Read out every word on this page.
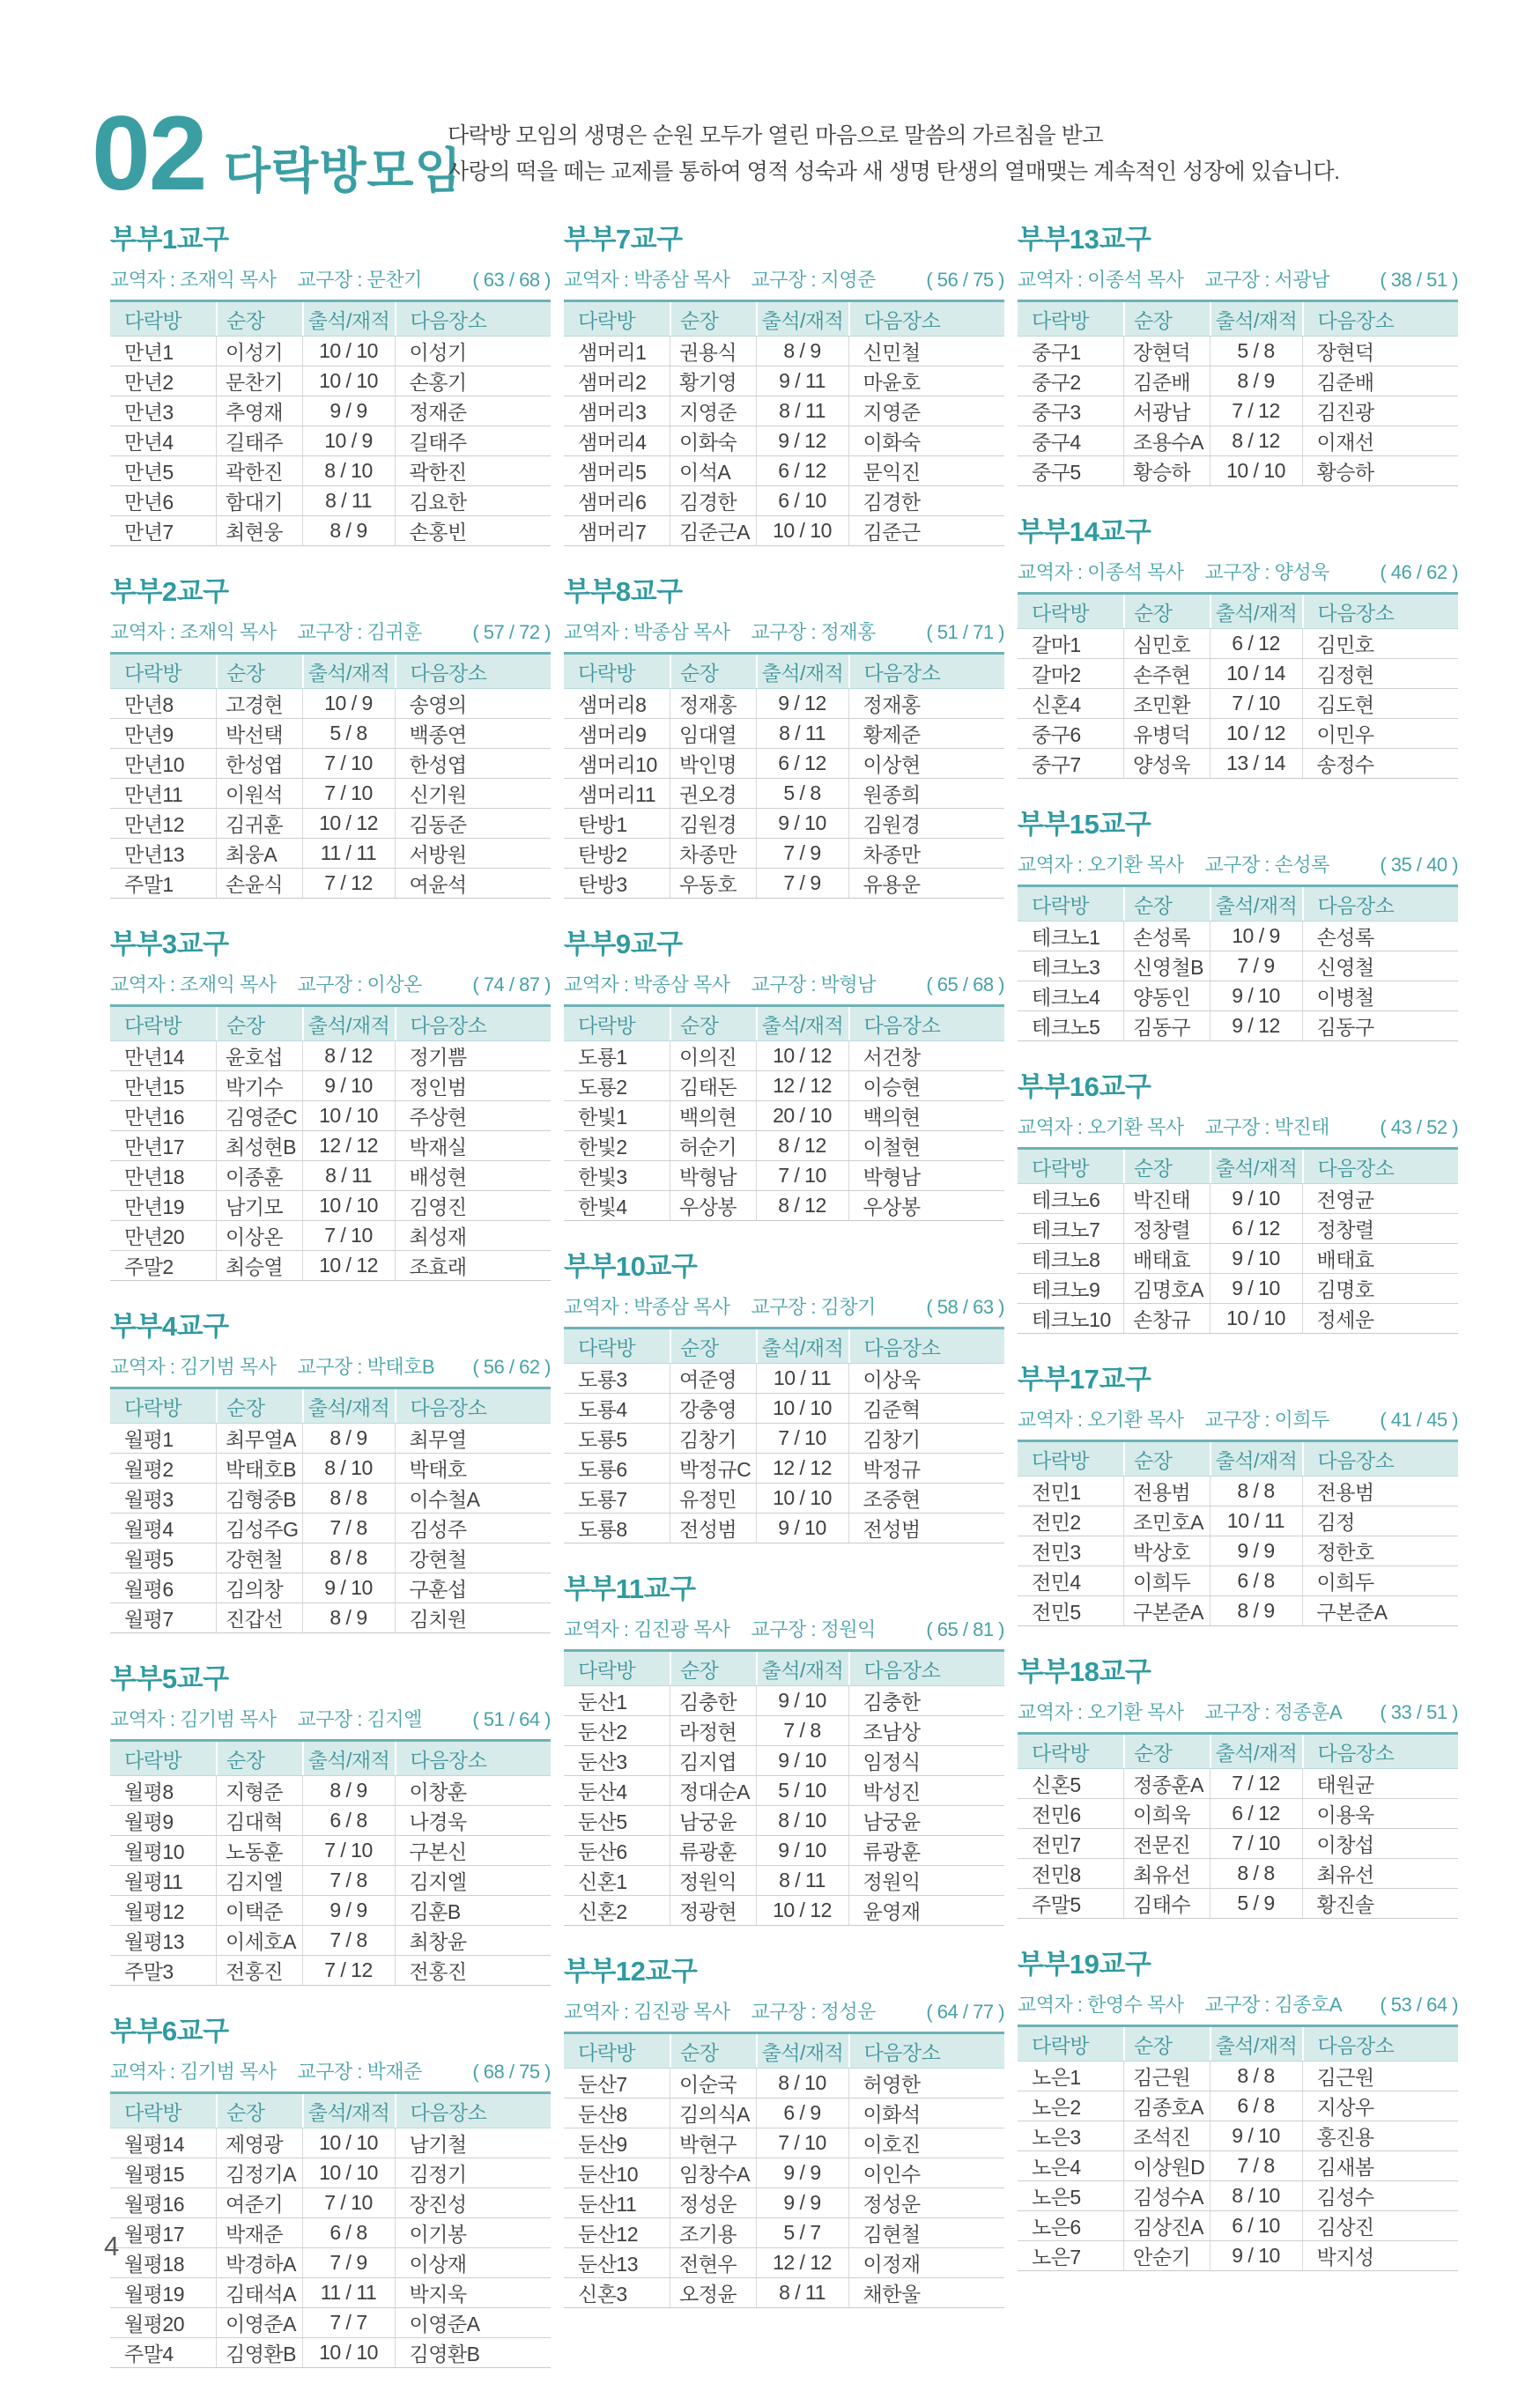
02 다락방모임

다락방 모임의 생명은 순원 모두가 열린 마음으로 말씀의 가르침을 받고
사랑의 떡을 떼는 교제를 통하여 영적 성숙과 새 생명 탄생의 열매맺는 계속적인 성장에 있습니다.

부부1교구
교역자 : 조재익 목사 교구장 : 문찬기	( 63 / 68 )
다락방	순장	출석/재적	다음장소
만년1	이성기	10 / 10	이성기
만년2	문찬기	10 / 10	손홍기
만년3	추영재	9 / 9	정재준
만년4	길태주	10 / 9	길태주
만년5	곽한진	8 / 10	곽한진
만년6	함대기	8 / 11	김요한
만년7	최현웅	8 / 9	손홍빈
부부2교구
교역자 : 조재익 목사 교구장 : 김귀훈	( 57 / 72 )
다락방	순장	출석/재적	다음장소
만년8	고경현	10 / 9	송영의
만년9	박선택	5 / 8	백종연
만년10	한성엽	7 / 10	한성엽
만년11	이원석	7 / 10	신기원
만년12	김귀훈	10 / 12	김동준
만년13	최웅A	11 / 11	서방원
주말1	손윤식	7 / 12	여윤석
부부3교구
교역자 : 조재익 목사 교구장 : 이상온	( 74 / 87 )
다락방	순장	출석/재적	다음장소
만년14	윤호섭	8 / 12	정기쁨
만년15	박기수	9 / 10	정인범
만년16	김영준C	10 / 10	주상현
만년17	최성현B	12 / 12	박재실
만년18	이종훈	8 / 11	배성현
만년19	남기모	10 / 10	김영진
만년20	이상온	7 / 10	최성재
주말2	최승열	10 / 12	조효래
부부4교구
교역자 : 김기범 목사 교구장 : 박태호B ( 56 / 62 )
다락방	순장	출석/재적	다음장소
월평1	최무열A	8 / 9	최무열
월평2	박태호B	8 / 10	박태호
월평3	김형중B	8 / 8	이수철A
월평4	김성주G	7 / 8	김성주
월평5	강현철	8 / 8	강현철
월평6	김의창	9 / 10	구훈섭
월평7	진갑선	8 / 9	김치원
부부5교구
교역자 : 김기범 목사 교구장 : 김지엘	( 51 / 64 )
다락방	순장	출석/재적	다음장소
월평8	지형준	8 / 9	이창훈
월평9	김대혁	6 / 8	나경욱
월평10	노동훈	7 / 10	구본신
월평11	김지엘	7 / 8	김지엘
월평12	이택준	9 / 9	김훈B
월평13	이세호A	7 / 8	최창윤
주말3	전홍진	7 / 12	전홍진
부부6교구
교역자 : 김기범 목사 교구장 : 박재준	( 68 / 75 )
다락방	순장	출석/재적	다음장소
월평14	제영광	10 / 10	남기철
월평15	김정기A	10 / 10	김정기
월평16	여준기	7 / 10	장진성
월평17	박재준	6 / 8	이기봉
월평18	박경하A	7 / 9	이상재
월평19	김태석A	11 / 11	박지욱
월평20	이영준A	7 / 7	이영준A
주말4	김영환B	10 / 10	김영환B
부부7교구
교역자 : 박종삼 목사 교구장 : 지영준	( 56 / 75 )
다락방	순장	출석/재적	다음장소
샘머리1	권용식	8 / 9	신민철
샘머리2	황기영	9 / 11	마윤호
샘머리3	지영준	8 / 11	지영준
샘머리4	이화숙	9 / 12	이화숙
샘머리5	이석A	6 / 12	문익진
샘머리6	김경한	6 / 10	김경한
샘머리7	김준근A	10 / 10	김준근
부부8교구
교역자 : 박종삼 목사 교구장 : 정재홍	( 51 / 71 )
다락방	순장	출석/재적	다음장소
샘머리8	정재홍	9 / 12	정재홍
샘머리9	임대열	8 / 11	황제준
샘머리10	박인명	6 / 12	이상현
샘머리11	권오경	5 / 8	원종희
탄방1	김원경	9 / 10	김원경
탄방2	차종만	7 / 9	차종만
탄방3	우동호	7 / 9	유용운
부부9교구
교역자 : 박종삼 목사 교구장 : 박형남	( 65 / 68 )
다락방	순장	출석/재적	다음장소
도룡1	이의진	10 / 12	서건창
도룡2	김태돈	12 / 12	이승현
한빛1	백의현	20 / 10	백의현
한빛2	허순기	8 / 12	이철현
한빛3	박형남	7 / 10	박형남
한빛4	우상봉	8 / 12	우상봉
부부10교구
교역자 : 박종삼 목사 교구장 : 김창기	( 58 / 63 )
다락방	순장	출석/재적	다음장소
도룡3	여준영	10 / 11	이상욱
도룡4	강충영	10 / 10	김준혁
도룡5	김창기	7 / 10	김창기
도룡6	박정규C	12 / 12	박정규
도룡7	유정민	10 / 10	조중현
도룡8	전성범	9 / 10	전성범
부부11교구
교역자 : 김진광 목사 교구장 : 정원익	( 65 / 81 )
다락방	순장	출석/재적	다음장소
둔산1	김충한	9 / 10	김충한
둔산2	라정현	7 / 8	조남상
둔산3	김지엽	9 / 10	임정식
둔산4	정대순A	5 / 10	박성진
둔산5	남궁윤	8 / 10	남궁윤
둔산6	류광훈	9 / 10	류광훈
신혼1	정원익	8 / 11	정원익
신혼2	정광현	10 / 12	윤영재
부부12교구
교역자 : 김진광 목사 교구장 : 정성운	( 64 / 77 )
다락방	순장	출석/재적	다음장소
둔산7	이순국	8 / 10	허영한
둔산8	김의식A	6 / 9	이화석
둔산9	박현구	7 / 10	이호진
둔산10	임창수A	9 / 9	이인수
둔산11	정성운	9 / 9	정성운
둔산12	조기용	5 / 7	김현철
둔산13	전현우	12 / 12	이정재
신혼3	오정윤	8 / 11	채한울
부부13교구
교역자 : 이종석 목사 교구장 : 서광남	( 38 / 51 )
다락방	순장	출석/재적	다음장소
중구1	장현덕	5 / 8	장현덕
중구2	김준배	8 / 9	김준배
중구3	서광남	7 / 12	김진광
중구4	조용수A	8 / 12	이재선
중구5	황승하	10 / 10	황승하
부부14교구
교역자 : 이종석 목사 교구장 : 양성욱	( 46 / 62 )
다락방	순장	출석/재적	다음장소
갈마1	심민호	6 / 12	김민호
갈마2	손주현	10 / 14	김정현
신혼4	조민환	7 / 10	김도현
중구6	유병덕	10 / 12	이민우
중구7	양성욱	13 / 14	송정수
부부15교구
교역자 : 오기환 목사 교구장 : 손성록	( 35 / 40 )
다락방	순장	출석/재적	다음장소
테크노1	손성록	10 / 9	손성록
테크노3	신영철B	7 / 9	신영철
테크노4	양동인	9 / 10	이병철
테크노5	김동구	9 / 12	김동구
부부16교구
교역자 : 오기환 목사 교구장 : 박진태	( 43 / 52 )
다락방	순장	출석/재적	다음장소
테크노6	박진태	9 / 10	전영균
테크노7	정창렬	6 / 12	정창렬
테크노8	배태효	9 / 10	배태효
테크노9	김명호A	9 / 10	김명호
테크노10	손창규	10 / 10	정세운
부부17교구
교역자 : 오기환 목사 교구장 : 이희두	( 41 / 45 )
다락방	순장	출석/재적	다음장소
전민1	전용범	8 / 8	전용범
전민2	조민호A	10 / 11	김정
전민3	박상호	9 / 9	정한호
전민4	이희두	6 / 8	이희두
전민5	구본준A	8 / 9	구본준A
부부18교구
교역자 : 오기환 목사 교구장 : 정종훈A ( 33 / 51 )
다락방	순장	출석/재적	다음장소
신혼5	정종훈A	7 / 12	태원균
전민6	이희욱	6 / 12	이용욱
전민7	전문진	7 / 10	이창섭
전민8	최유선	8 / 8	최유선
주말5	김태수	5 / 9	황진솔
부부19교구
교역자 : 한영수 목사 교구장 : 김종호A ( 53 / 64 )
다락방	순장	출석/재적	다음장소
노은1	김근원	8 / 8	김근원
노은2	김종호A	6 / 8	지상우
노은3	조석진	9 / 10	홍진용
노은4	이상원D	7 / 8	김새봄
노은5	김성수A	8 / 10	김성수
노은6	김상진A	6 / 10	김상진
노은7	안순기	9 / 10	박지성
4
